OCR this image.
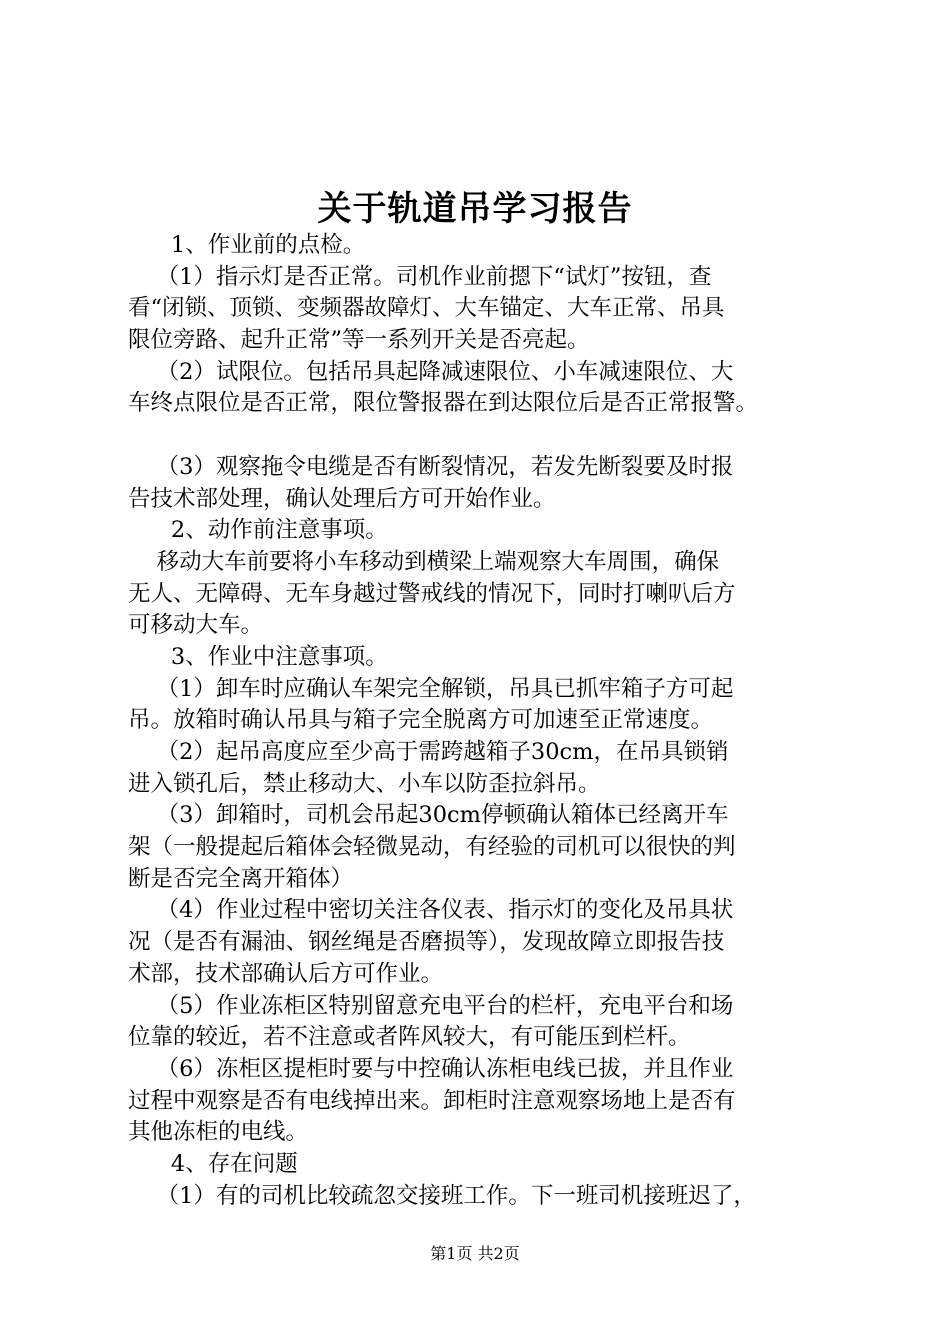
关于轨道吊学习报告
1、作业前的点检。
（1）指示灯是否正常。司机作业前摁下“试灯”按钮，查
看“闭锁、顶锁、变频器故障灯、大车锚定、大车正常、吊具
限位旁路、起升正常”等一系列开关是否亮起。
（2）试限位。包括吊具起降减速限位、小车减速限位、大
车终点限位是否正常，限位警报器在到达限位后是否正常报警。
（3）观察拖令电缆是否有断裂情况，若发先断裂要及时报
告技术部处理，确认处理后方可开始作业。
2、动作前注意事项。
移动大车前要将小车移动到横梁上端观察大车周围，确保
无人、无障碍、无车身越过警戒线的情况下，同时打喇叭后方
可移动大车。
3、作业中注意事项。
（1）卸车时应确认车架完全解锁，吊具已抓牢箱子方可起
吊。放箱时确认吊具与箱子完全脱离方可加速至正常速度。
（2）起吊高度应至少高于需跨越箱子30cm，在吊具锁销
进入锁孔后，禁止移动大、小车以防歪拉斜吊。
（3）卸箱时，司机会吊起30cm停顿确认箱体已经离开车
架（一般提起后箱体会轻微晃动，有经验的司机可以很快的判
断是否完全离开箱体）
（4）作业过程中密切关注各仪表、指示灯的变化及吊具状
况（是否有漏油、钢丝绳是否磨损等），发现故障立即报告技
术部，技术部确认后方可作业。
（5）作业冻柜区特别留意充电平台的栏杆，充电平台和场
位靠的较近，若不注意或者阵风较大，有可能压到栏杆。
（6）冻柜区提柜时要与中控确认冻柜电线已拔，并且作业
过程中观察是否有电线掉出来。卸柜时注意观察场地上是否有
其他冻柜的电线。
4、存在问题
（1）有的司机比较疏忽交接班工作。下一班司机接班迟了，
第1页 共2页
